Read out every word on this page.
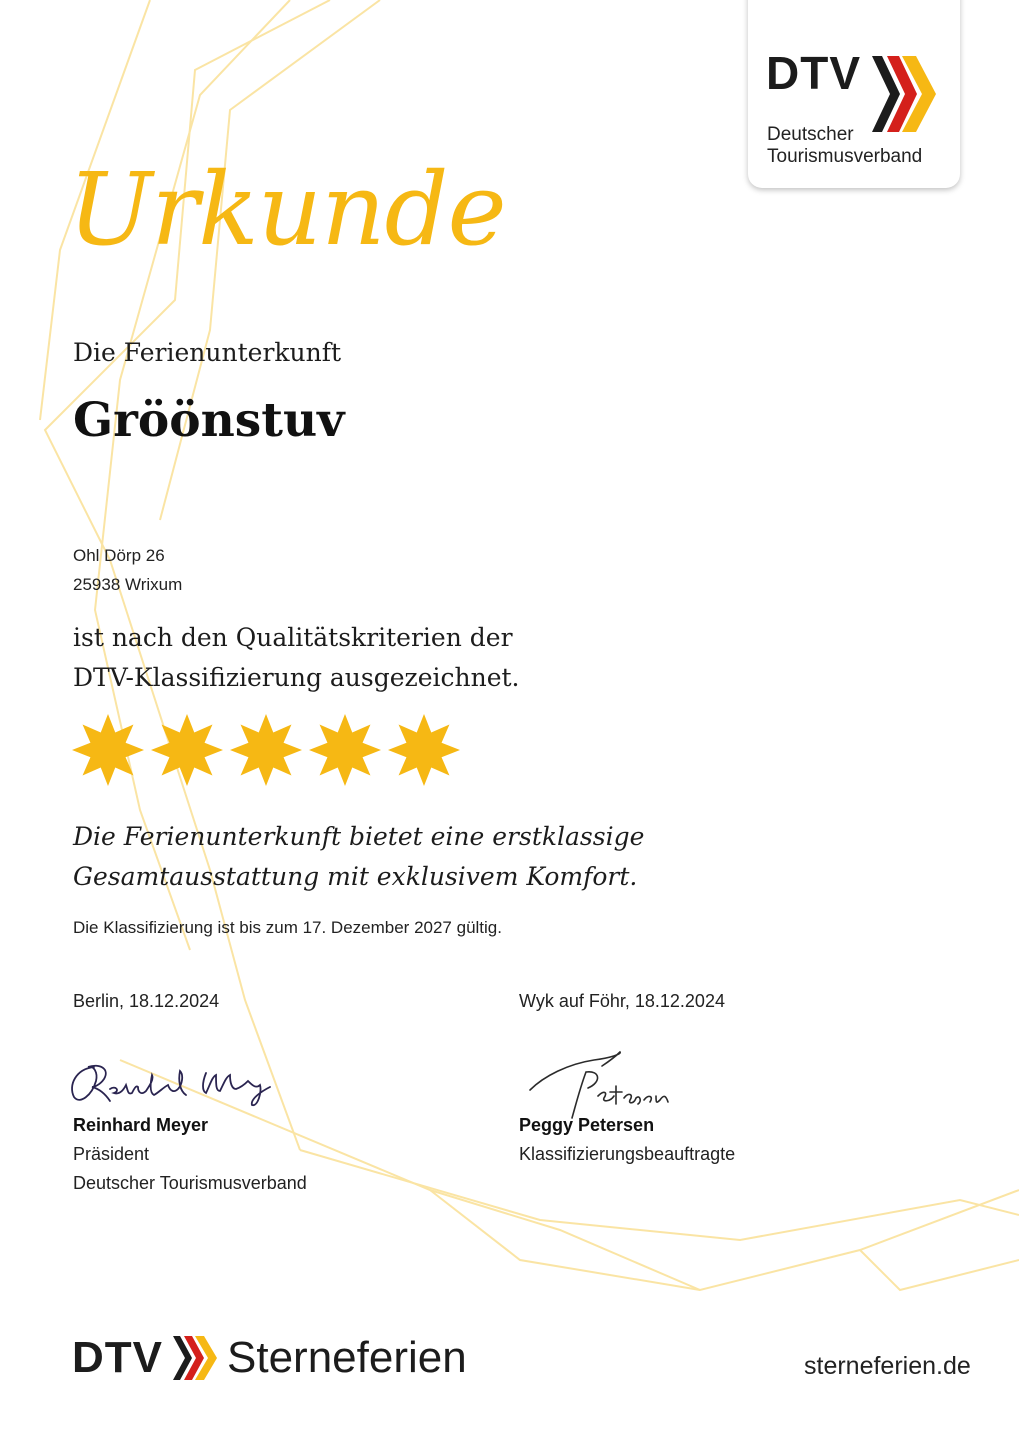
DTV
Deutscher
Tourismusverband
Urkunde
Die Ferienunterkunft
Gröönstuv
Ohl Dörp 26
25938 Wrixum
ist nach den Qualitätskriterien der
DTV-Klassifizierung ausgezeichnet.
Die Ferienunterkunft bietet eine erstklassige
Gesamtausstattung mit exklusivem Komfort.
Die Klassifizierung ist bis zum 17. Dezember 2027 gültig.
Berlin, 18.12.2024
Reinhard Meyer
Präsident
Deutscher Tourismusverband
Wyk auf Föhr, 18.12.2024
Peggy Petersen
Klassifizierungsbeauftragte
DTV Sterneferien	sterneferien.de
